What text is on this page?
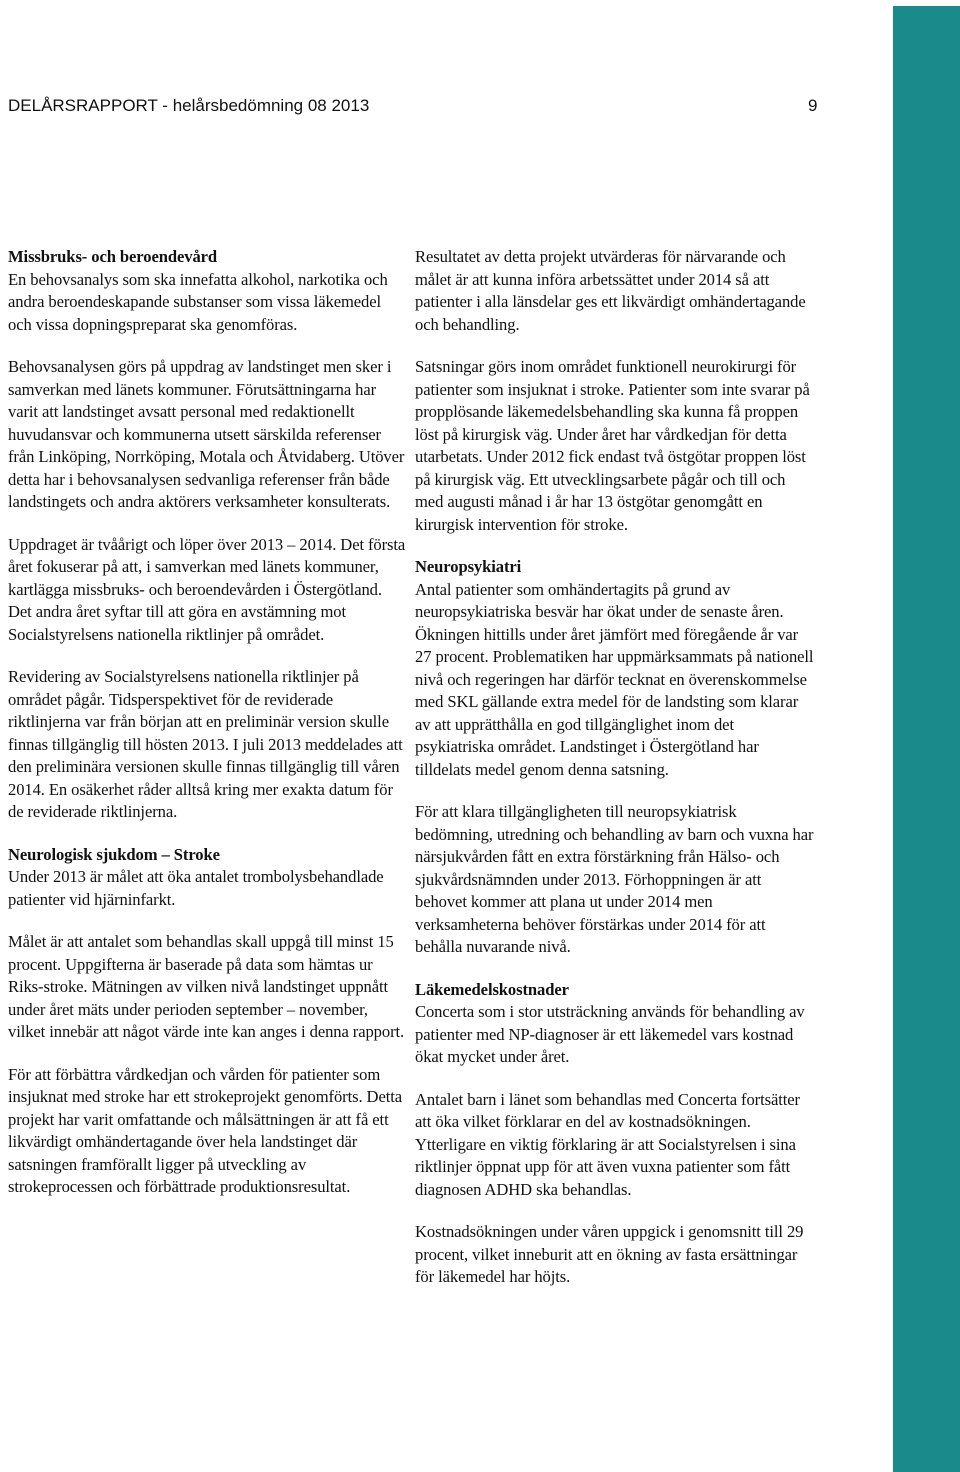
DELÅRSRAPPORT - helårsbedömning 08 2013	9

Missbruks- och beroendevård
En behovsanalys som ska innefatta alkohol, narkotika och andra beroendeskapande substanser som vissa läkemedel och vissa dopningspreparat ska genomföras.

Behovsanalysen görs på uppdrag av landstinget men sker i samverkan med länets kommuner. Förutsättningarna har varit att landstinget avsatt personal med redaktionellt huvudansvar och kommunerna utsett särskilda referenser från Linköping, Norrköping, Motala och Åtvidaberg. Utöver detta har i behovsanalysen sedvanliga referenser från både landstingets och andra aktörers verksamheter konsulterats.

Uppdraget är tvåårigt och löper över 2013 – 2014. Det första året fokuserar på att, i samverkan med länets kommuner, kartlägga missbruks- och beroendevården i Östergötland. Det andra året syftar till att göra en avstämning mot Socialstyrelsens nationella riktlinjer på området.

Revidering av Socialstyrelsens nationella riktlinjer på området pågår. Tidsperspektivet för de reviderade riktlinjerna var från början att en preliminär version skulle finnas tillgänglig till hösten 2013. I juli 2013 meddelades att den preliminära versionen skulle finnas tillgänglig till våren 2014. En osäkerhet råder alltså kring mer exakta datum för de reviderade riktlinjerna.

Neurologisk sjukdom – Stroke
Under 2013 är målet att öka antalet trombolysbehandlade patienter vid hjärninfarkt.

Målet är att antalet som behandlas skall uppgå till minst 15 procent. Uppgifterna är baserade på data som hämtas ur Riks-stroke. Mätningen av vilken nivå landstinget uppnått under året mäts under perioden september – november, vilket innebär att något värde inte kan anges i denna rapport.

För att förbättra vårdkedjan och vården för patienter som insjuknat med stroke har ett strokeprojekt genomförts. Detta projekt har varit omfattande och målsättningen är att få ett likvärdigt omhändertagande över hela landstinget där satsningen framförallt ligger på utveckling av strokeprocessen och förbättrade produktionsresultat.

Resultatet av detta projekt utvärderas för närvarande och målet är att kunna införa arbetssättet under 2014 så att patienter i alla länsdelar ges ett likvärdigt omhändertagande och behandling.

Satsningar görs inom området funktionell neurokirurgi för patienter som insjuknat i stroke. Patienter som inte svarar på propplösande läkemedelsbehandling ska kunna få proppen löst på kirurgisk väg. Under året har vårdkedjan för detta utarbetats. Under 2012 fick endast två östgötar proppen löst på kirurgisk väg. Ett utvecklingsarbete pågår och till och med augusti månad i år har 13 östgötar genomgått en kirurgisk intervention för stroke.

Neuropsykiatri
Antal patienter som omhändertagits på grund av neuropsykiatriska besvär har ökat under de senaste åren. Ökningen hittills under året jämfört med föregående år var 27 procent. Problematiken har uppmärksammats på nationell nivå och regeringen har därför tecknat en överenskommelse med SKL gällande extra medel för de landsting som klarar av att upprätthålla en god tillgänglighet inom det psykiatriska området. Landstinget i Östergötland har tilldelats medel genom denna satsning.

För att klara tillgängligheten till neuropsykiatrisk bedömning, utredning och behandling av barn och vuxna har närsjukvården fått en extra förstärkning från Hälso- och sjukvårdsnämnden under 2013. Förhoppningen är att behovet kommer att plana ut under 2014 men verksamheterna behöver förstärkas under 2014 för att behålla nuvarande nivå.

Läkemedelskostnader
Concerta som i stor utsträckning används för behandling av patienter med NP-diagnoser är ett läkemedel vars kostnad ökat mycket under året.

Antalet barn i länet som behandlas med Concerta fortsätter att öka vilket förklarar en del av kostnadsökningen. Ytterligare en viktig förklaring är att Socialstyrelsen i sina riktlinjer öppnat upp för att även vuxna patienter som fått diagnosen ADHD ska behandlas.

Kostnadsökningen under våren uppgick i genomsnitt till 29 procent, vilket inneburit att en ökning av fasta ersättningar för läkemedel har höjts.
